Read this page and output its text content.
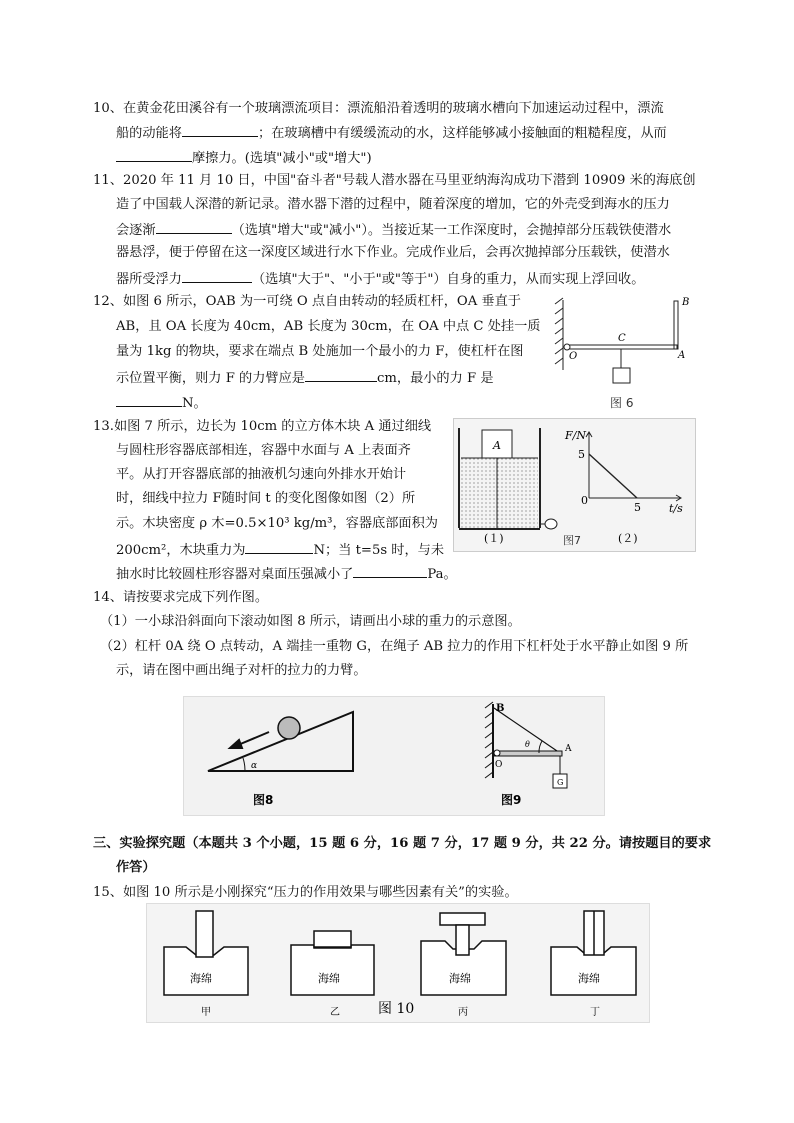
10、在黄金花田溪谷有一个玻璃漂流项目：漂流船沿着透明的玻璃水槽向下加速运动过程中，漂流
船的动能将	；在玻璃槽中有缓缓流动的水，这样能够减小接触面的粗糙程度，从而
摩擦力。(选填"减小"或"增大")
11、2020 年 11 月 10 日，中国"奋斗者"号载人潜水器在马里亚纳海沟成功下潜到 10909 米的海底创
造了中国载人深潜的新记录。潜水器下潜的过程中，随着深度的增加，它的外壳受到海水的压力
会逐渐	（选填"增大"或"减小"）。当接近某一工作深度时，会抛掉部分压载铁使潜水
器悬浮，便于停留在这一深度区域进行水下作业。完成作业后，会再次抛掉部分压载铁，使潜水
器所受浮力	（选填"大于"、"小于"或"等于"）自身的重力，从而实现上浮回收。
12、如图 6 所示，OAB 为一可绕 O 点自由转动的轻质杠杆，OA 垂直于
AB，且 OA 长度为 40cm，AB 长度为 30cm，在 OA 中点 C 处挂一质
量为 1kg 的物块，要求在端点 B 处施加一个最小的力 F，使杠杆在图
示位置平衡，则力 F 的力臂应是	cm，最小的力 F 是
N。
B
C
O	A
图 6
13.如图 7 所示，边长为 10cm 的立方体木块 A 通过细线
与圆柱形容器底部相连，容器中水面与 A 上表面齐
平。从打开容器底部的抽液机匀速向外排水开始计
时，细线中拉力 F随时间 t 的变化图像如图（2）所
示。木块密度 ρ 木=0.5×10³ kg/m³，容器底部面积为
200cm²，木块重力为	N；当 t=5s 时，与未
抽水时比较圆柱形容器对桌面压强减小了	Pa。
A
F/N
5
0
5	t/s
(１)	(２)
图7
14、请按要求完成下列作图。
（1）一小球沿斜面向下滚动如图 8 所示，请画出小球的重力的示意图。
（2）杠杆 0A 绕 O 点转动，A 端挂一重物 G，在绳子 AB 拉力的作用下杠杆处于水平静止如图 9 所
示，请在图中画出绳子对杆的拉力的力臂。
α
图8
θ
G
B
A
O
图9
三、实验探究题（本题共 3 个小题，15 题 6 分，16 题 7 分，17 题 9 分，共 22 分。请按题目的要求
作答）
15、如图 10 所示是小刚探究“压力的作用效果与哪些因素有关”的实验。
海绵
甲
海绵
乙
海绵
丙
海绵
丁
图 10
